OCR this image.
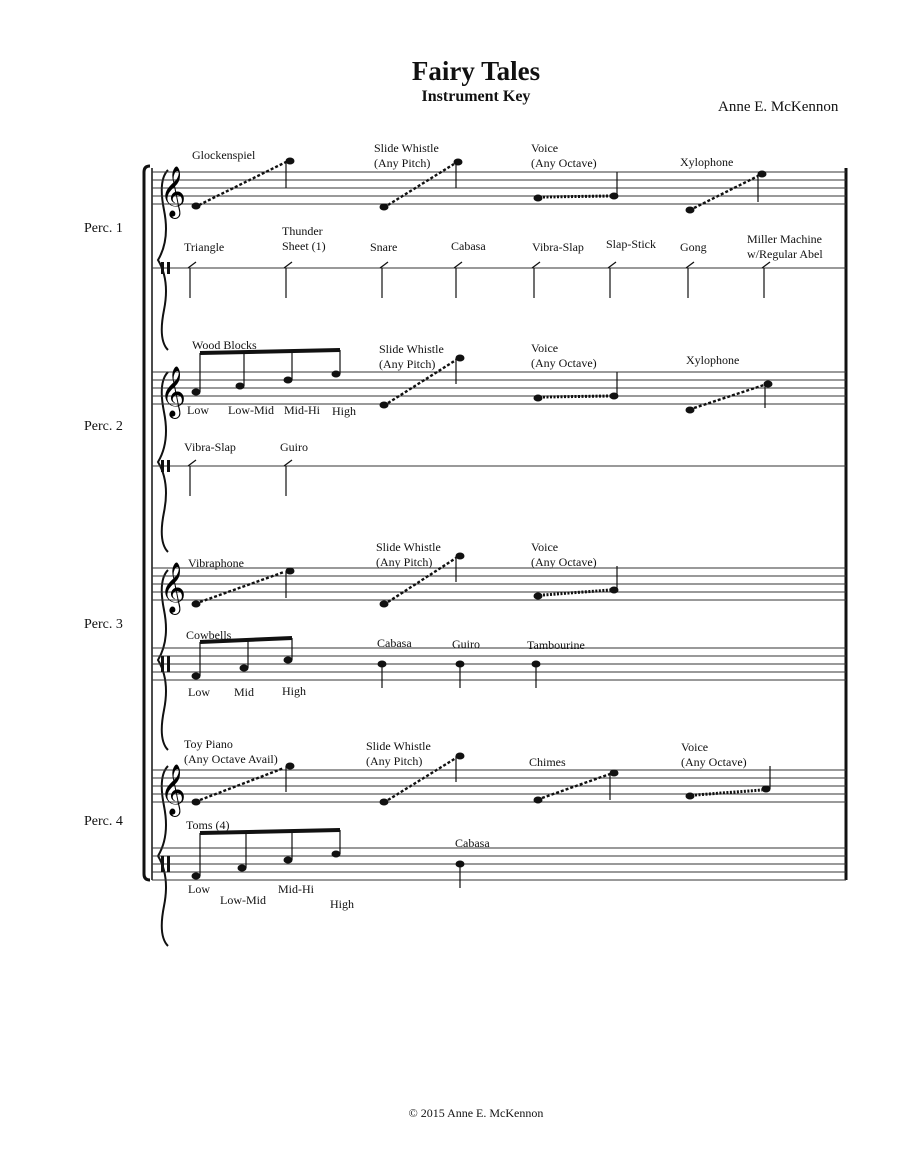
Fairy Tales
Instrument Key
Anne E. McKennon
𝄞
𝄞
𝄞
𝄞
Perc. 1
Perc. 2
Perc. 3
Perc. 4
Glockenspiel	Slide Whistle
(Any Pitch)
Voice
(Any Octave)	Xylophone
Triangle
Thunder
Sheet (1)	Snare	Cabasa	Vibra-Slap Slap-Stick Gong
Miller Machine
w/Regular Abel
Wood Blocks
Low Low-Mid Mid-Hi High
Slide Whistle
(Any Pitch)
Voice
(Any Octave)	Xylophone
Vibra-Slap	Guiro
Vibraphone
Slide Whistle
(Any Pitch)
Voice
(Any Octave)
Cowbells
Low Mid High
Cabasa	Guiro	Tambourine
Toy Piano
(Any Octave Avail)
Slide Whistle
(Any Pitch)	Chimes
Voice
(Any Octave)
Toms (4)
Low
Low-Mid
Mid-Hi
High
Cabasa
© 2015 Anne E. McKennon
